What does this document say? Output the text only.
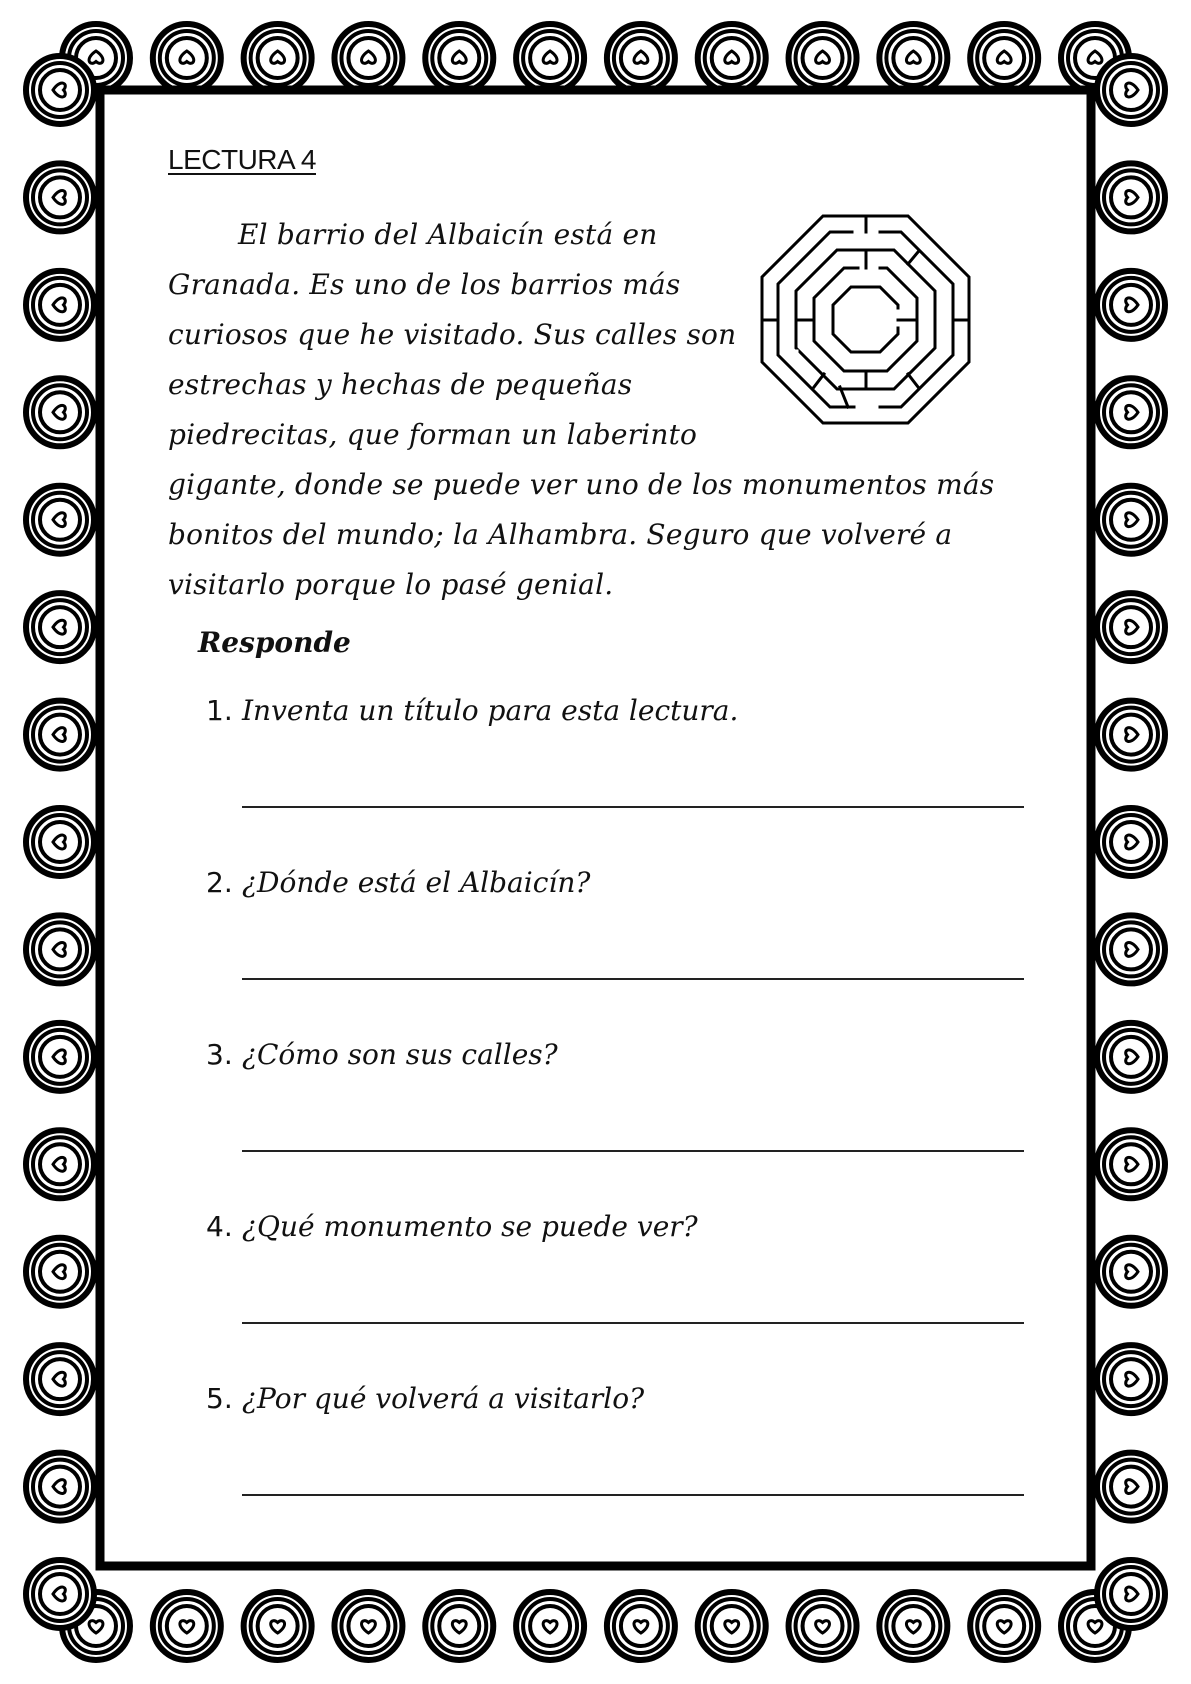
LECTURA 4
El barrio del Albaicín está en
Granada. Es uno de los barrios más
curiosos que he visitado. Sus calles son
estrechas y hechas de pequeñas
piedrecitas, que forman un laberinto
gigante, donde se puede ver uno de los monumentos más
bonitos del mundo; la Alhambra. Seguro que volveré a
visitarlo porque lo pasé genial.
Responde
1. Inventa un título para esta lectura.
2. ¿Dónde está el Albaicín?
3. ¿Cómo son sus calles?
4. ¿Qué monumento se puede ver?
5. ¿Por qué volverá a visitarlo?
